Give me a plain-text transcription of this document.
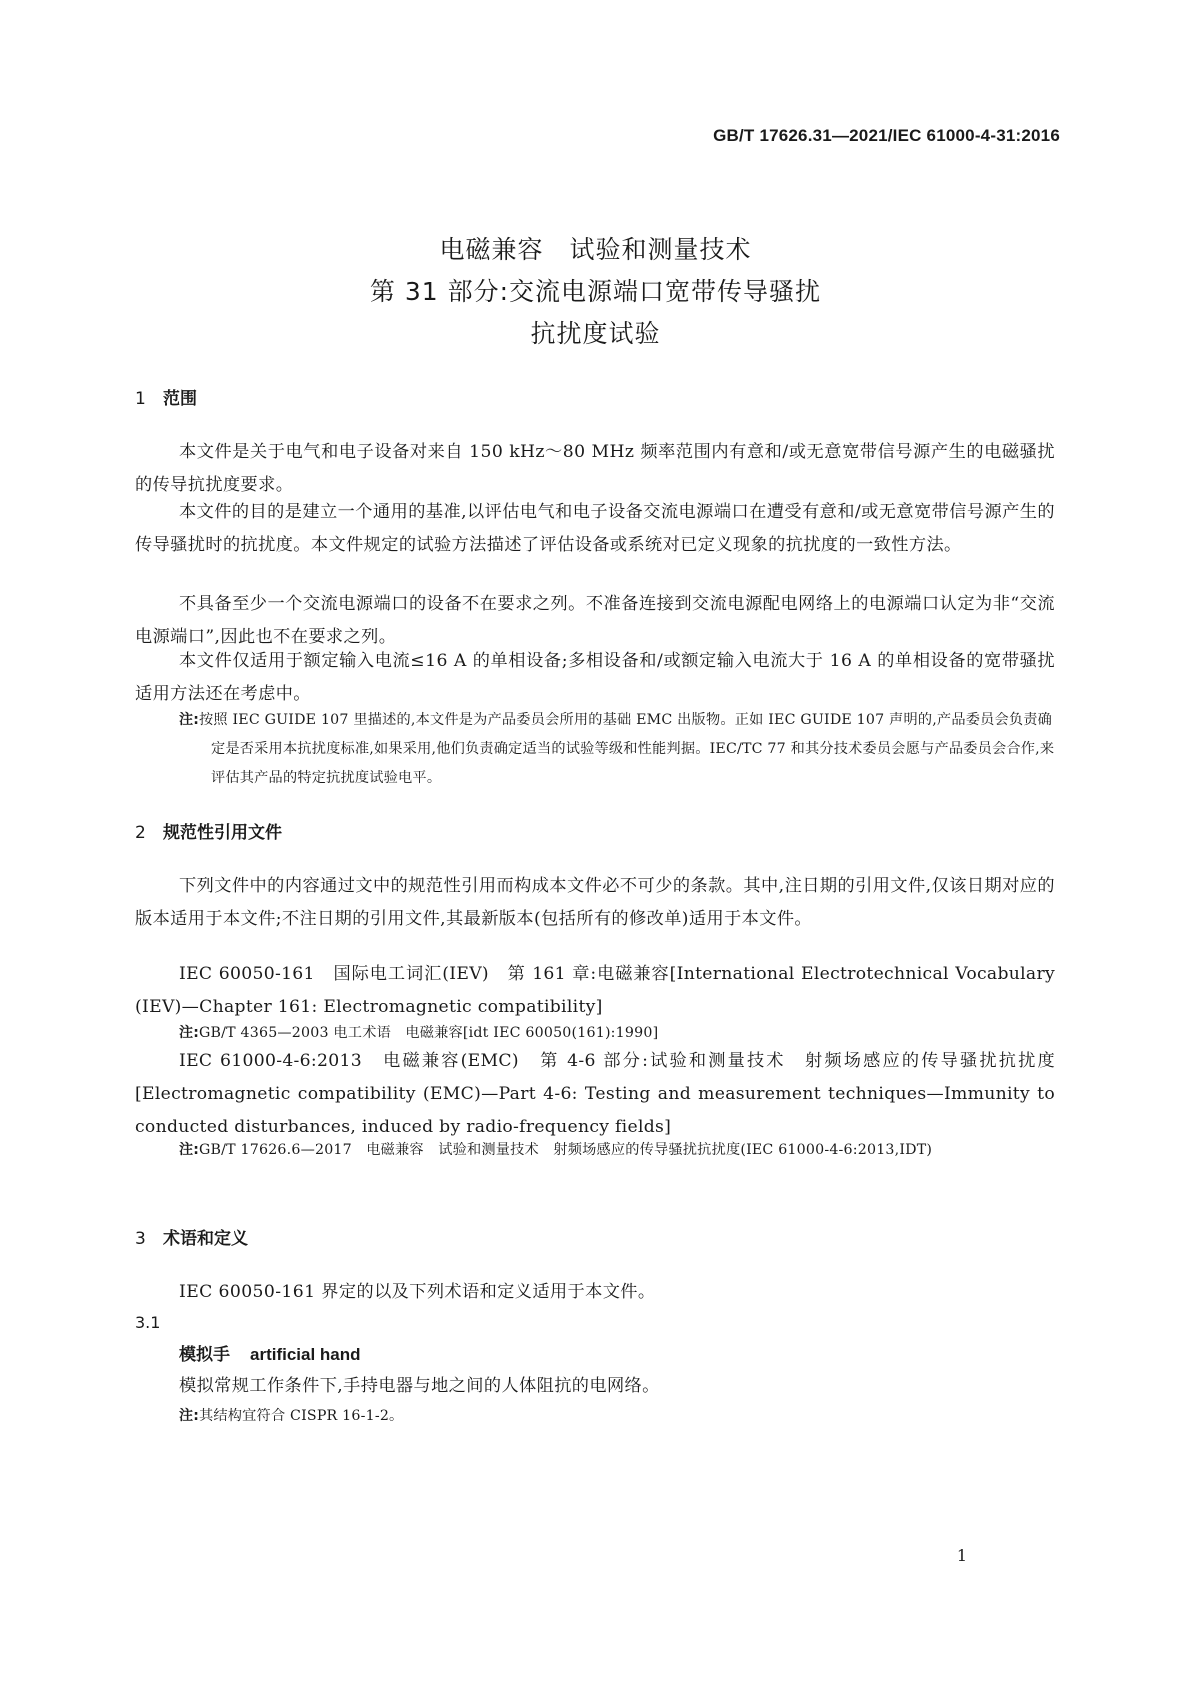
GB/T 17626.31—2021/IEC 61000-4-31:2016
电磁兼容　试验和测量技术
第 31 部分:交流电源端口宽带传导骚扰
抗扰度试验
1 范围
本文件是关于电气和电子设备对来自 150 kHz～80 MHz 频率范围内有意和/或无意宽带信号源产生的电磁骚扰的传导抗扰度要求。
本文件的目的是建立一个通用的基准,以评估电气和电子设备交流电源端口在遭受有意和/或无意宽带信号源产生的传导骚扰时的抗扰度。本文件规定的试验方法描述了评估设备或系统对已定义现象的抗扰度的一致性方法。
不具备至少一个交流电源端口的设备不在要求之列。不准备连接到交流电源配电网络上的电源端口认定为非“交流电源端口”,因此也不在要求之列。
本文件仅适用于额定输入电流≤16 A 的单相设备;多相设备和/或额定输入电流大于 16 A 的单相设备的宽带骚扰适用方法还在考虑中。
注:按照 IEC GUIDE 107 里描述的,本文件是为产品委员会所用的基础 EMC 出版物。正如 IEC GUIDE 107 声明的,产品委员会负责确定是否采用本抗扰度标准,如果采用,他们负责确定适当的试验等级和性能判据。IEC/TC 77 和其分技术委员会愿与产品委员会合作,来评估其产品的特定抗扰度试验电平。
2 规范性引用文件
下列文件中的内容通过文中的规范性引用而构成本文件必不可少的条款。其中,注日期的引用文件,仅该日期对应的版本适用于本文件;不注日期的引用文件,其最新版本(包括所有的修改单)适用于本文件。
IEC 60050-161　国际电工词汇(IEV)　第 161 章:电磁兼容[International Electrotechnical Vocabulary (IEV)—Chapter 161: Electromagnetic compatibility]
注:GB/T 4365—2003 电工术语　电磁兼容[idt IEC 60050(161):1990]
IEC 61000-4-6:2013　电磁兼容(EMC)　第 4-6 部分:试验和测量技术　射频场感应的传导骚扰抗扰度[Electromagnetic compatibility (EMC)—Part 4-6: Testing and measurement techniques—Immunity to conducted disturbances, induced by radio-frequency fields]
注:GB/T 17626.6—2017　电磁兼容　试验和测量技术　射频场感应的传导骚扰抗扰度(IEC 61000-4-6:2013,IDT)
3 术语和定义
IEC 60050-161 界定的以及下列术语和定义适用于本文件。
3.1
模拟手 artificial hand
模拟常规工作条件下,手持电器与地之间的人体阻抗的电网络。
注:其结构宜符合 CISPR 16-1-2。
1
